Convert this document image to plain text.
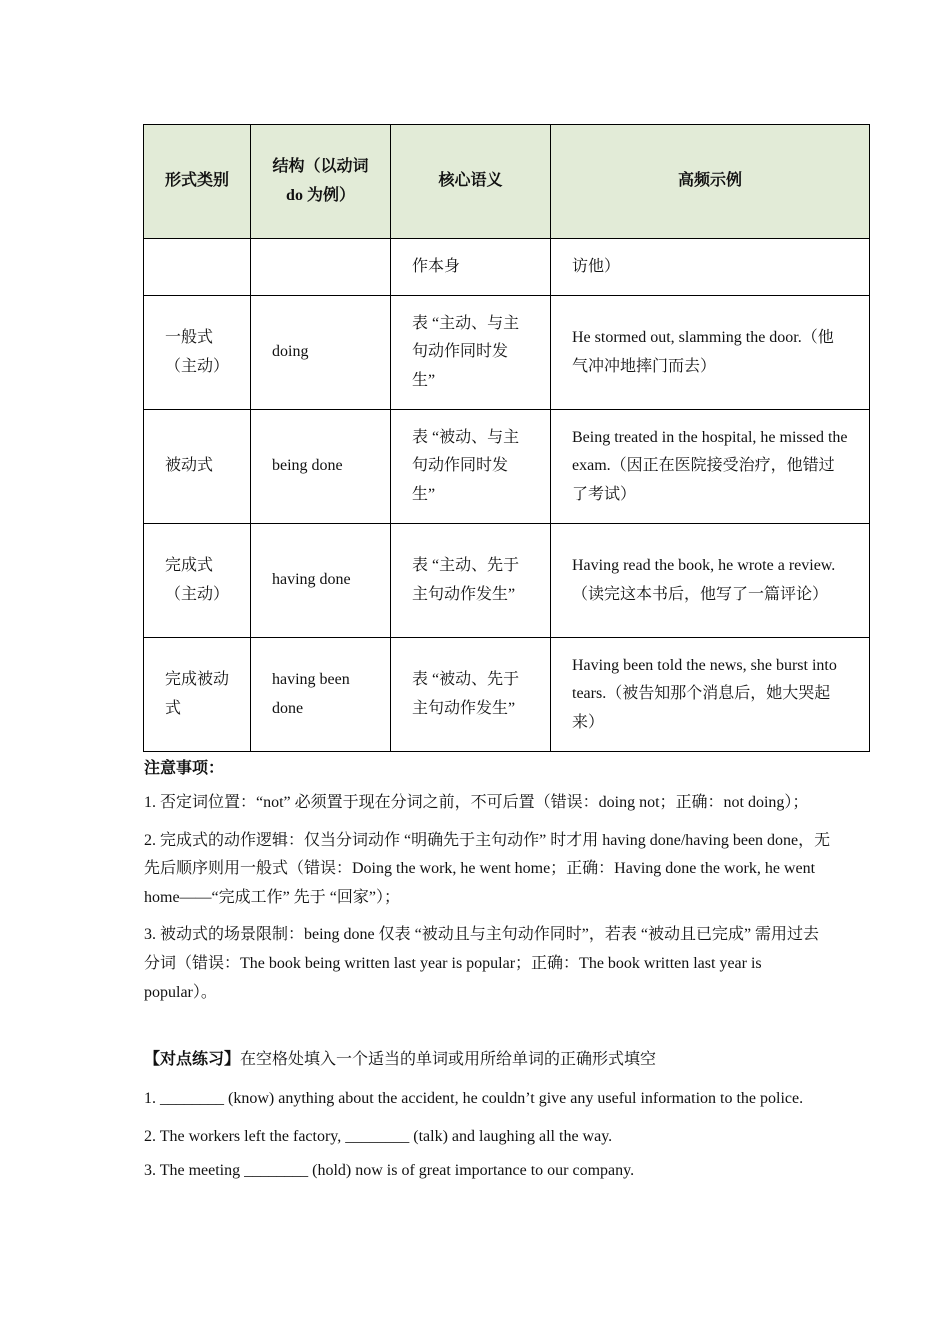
形式类别	结构（以动词 do 为例）	核心语义	高频示例
		作本身	访他）
一般式（主动）	doing	表 “主动、与主句动作同时发生”	He stormed out, slamming the door.（他气冲冲地摔门而去）
被动式	being done	表 “被动、与主句动作同时发生”	Being treated in the hospital, he missed the exam.（因正在医院接受治疗，他错过了考试）
完成式（主动）	having done	表 “主动、先于主句动作发生”	Having read the book, he wrote a review.（读完这本书后，他写了一篇评论）
完成被动式	having been done	表 “被动、先于主句动作发生”	Having been told the news, she burst into tears.（被告知那个消息后，她大哭起来）
注意事项：

1. 否定词位置：“not” 必须置于现在分词之前，不可后置（错误：doing not；正确：not doing）；

2. 完成式的动作逻辑：仅当分词动作 “明确先于主句动作” 时才用 having done/having been done，无先后顺序则用一般式（错误：Doing the work, he went home；正确：Having done the work, he went home——“完成工作” 先于 “回家”）；

3. 被动式的场景限制：being done 仅表 “被动且与主句动作同时”，若表 “被动且已完成” 需用过去分词（错误：The book being written last year is popular；正确：The book written last year is popular）。

【对点练习】在空格处填入一个适当的单词或用所给单词的正确形式填空

1. ________ (know) anything about the accident, he couldn’t give any useful information to the police.

2. The workers left the factory, ________ (talk) and laughing all the way.

3. The meeting ________ (hold) now is of great importance to our company.
